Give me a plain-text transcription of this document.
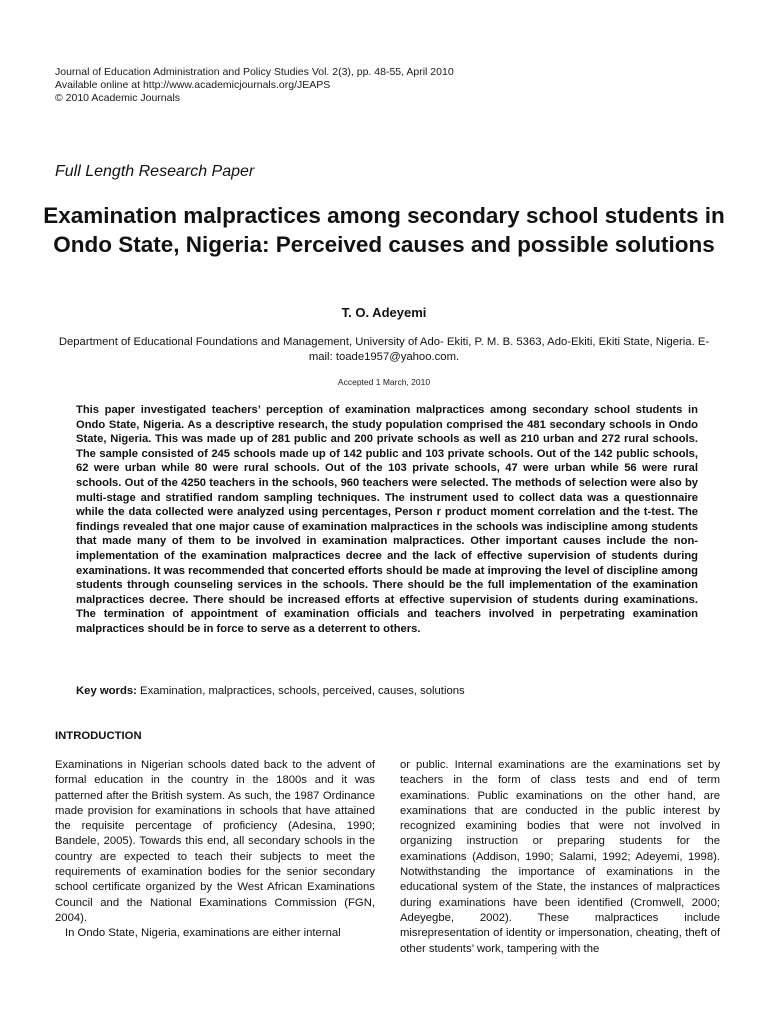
Journal of Education Administration and Policy Studies Vol. 2(3), pp. 48-55, April 2010
Available online at http://www.academicjournals.org/JEAPS
© 2010 Academic Journals
Full Length Research Paper
Examination malpractices among secondary school students in Ondo State, Nigeria: Perceived causes and possible solutions
T. O. Adeyemi
Department of Educational Foundations and Management, University of Ado- Ekiti, P. M. B. 5363, Ado-Ekiti, Ekiti State, Nigeria. E-mail: toade1957@yahoo.com.
Accepted 1 March, 2010
This paper investigated teachers’ perception of examination malpractices among secondary school students in Ondo State, Nigeria. As a descriptive research, the study population comprised the 481 secondary schools in Ondo State, Nigeria. This was made up of 281 public and 200 private schools as well as 210 urban and 272 rural schools. The sample consisted of 245 schools made up of 142 public and 103 private schools. Out of the 142 public schools, 62 were urban while 80 were rural schools. Out of the 103 private schools, 47 were urban while 56 were rural schools. Out of the 4250 teachers in the schools, 960 teachers were selected. The methods of selection were also by multi-stage and stratified random sampling techniques. The instrument used to collect data was a questionnaire while the data collected were analyzed using percentages, Person r product moment correlation and the t-test. The findings revealed that one major cause of examination malpractices in the schools was indiscipline among students that made many of them to be involved in examination malpractices. Other important causes include the non-implementation of the examination malpractices decree and the lack of effective supervision of students during examinations. It was recommended that concerted efforts should be made at improving the level of discipline among students through counseling services in the schools. There should be the full implementation of the examination malpractices decree. There should be increased efforts at effective supervision of students during examinations. The termination of appointment of examination officials and teachers involved in perpetrating examination malpractices should be in force to serve as a deterrent to others.
Key words: Examination, malpractices, schools, perceived, causes, solutions
INTRODUCTION

Examinations in Nigerian schools dated back to the advent of formal education in the country in the 1800s and it was patterned after the British system. As such, the 1987 Ordinance made provision for examinations in schools that have attained the requisite percentage of proficiency (Adesina, 1990; Bandele, 2005). Towards this end, all secondary schools in the country are expected to teach their subjects to meet the requirements of examination bodies for the senior secondary school certificate organized by the West African Examinations Council and the National Examinations Commission (FGN, 2004).

In Ondo State, Nigeria, examinations are either internal

or public. Internal examinations are the examinations set by teachers in the form of class tests and end of term examinations. Public examinations on the other hand, are examinations that are conducted in the public interest by recognized examining bodies that were not involved in organizing instruction or preparing students for the examinations (Addison, 1990; Salami, 1992; Adeyemi, 1998). Notwithstanding the importance of examinations in the educational system of the State, the instances of malpractices during examinations have been identified (Cromwell, 2000; Adeyegbe, 2002). These malpractices include misrepresentation of identity or impersonation, cheating, theft of other students’ work, tampering with the
